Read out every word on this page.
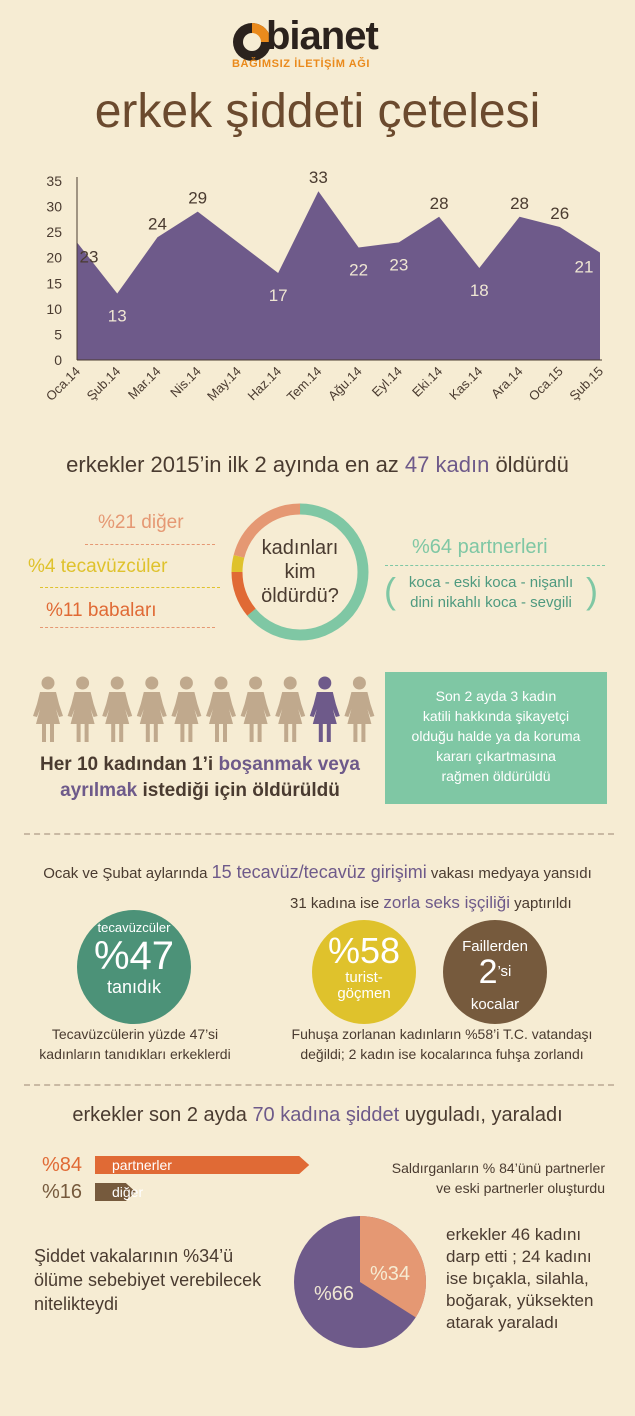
bianet
BAĞIMSIZ İLETİŞİM AĞI
erkek şiddeti çetelesi
0
5
10
15
20
25
30
35
Oca.14 Şub.14 Mar.14 Nis.14 May.14 Haz.14 Tem.14 Ağu.14 Eyl.14 Eki.14 Kas.14 Ara.14 Oca.15 Şub.15
23
13
24
29
17
33
22 23
28
18
28
26
21
erkekler 2015’in ilk 2 ayında en az 47 kadın öldürdü
kadınları
kim
öldürdü?
%21 diğer
%4 tecavüzcüler
%11 babaları
%64 partnerleri
( koca - eski koca - nişanlı
dini nikahlı koca - sevgili )
Her 10 kadından 1’i boşanmak veya
ayrılmak istediği için öldürüldü
Son 2 ayda 3 kadın
katili hakkında şikayetçi
olduğu halde ya da koruma
kararı çıkartmasına
rağmen öldürüldü
Ocak ve Şubat aylarında 15 tecavüz/tecavüz girişimi vakası medyaya yansıdı
31 kadına ise zorla seks işçiliği yaptırıldı
tecavüzcüler
%47
tanıdık
%58
turist-
göçmen
Faillerden
2’si
kocalar
Tecavüzcülerin yüzde 47’si
kadınların tanıdıkları erkeklerdi
Fuhuşa zorlanan kadınların %58’i T.C. vatandaşı
değildi; 2 kadın ise kocalarınca fuhşa zorlandı
erkekler son 2 ayda 70 kadına şiddet uyguladı, yaraladı
%84 partnerler
%16 diğer
Saldırganların % 84’ünü partnerler
ve eski partnerler oluşturdu
Şiddet vakalarının %34’ü
ölüme sebebiyet verebilecek
nitelikteydi	%66
%34
erkekler 46 kadını
darp etti ; 24 kadını
ise bıçakla, silahla,
boğarak, yüksekten
atarak yaraladı
